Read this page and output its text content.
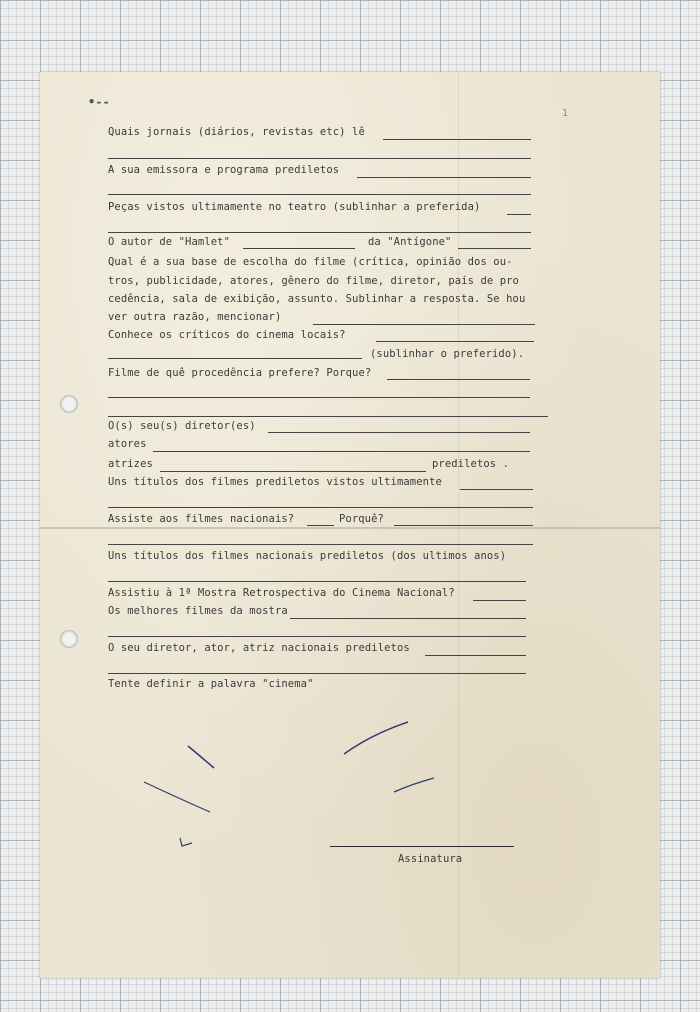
•--
1
Quais jornais (diários, revistas etc) lê
A sua emissora e programa prediletos
Peças vistos ultimamente no teatro (sublinhar a preferida)
O autor de "Hamlet"	da "Antígone"
Qual é a sua base de escolha do filme (crítica, opinião dos ou-
tros, publicidade, atores, gênero do filme, diretor, país de pro
cedência, sala de exibição, assunto. Sublinhar a resposta. Se hou
ver outra razão, mencionar)
Conhece os críticos do cinema locais?
(sublinhar o preferido).
Filme de quê procedência prefere? Porque?
O(s) seu(s) diretor(es)
atores
atrizes	prediletos .
Uns títulos dos filmes prediletos vistos ultimamente
Assiste aos filmes nacionais?	Porquê?
Uns títulos dos filmes nacionais prediletos (dos ultimos anos)
Assistiu à 1ª Mostra Retrospectiva do Cinema Nacional?
Os melhores filmes da mostra
O seu diretor, ator, atriz nacionais prediletos
Tente definir a palavra "cinema"
Assinatura
